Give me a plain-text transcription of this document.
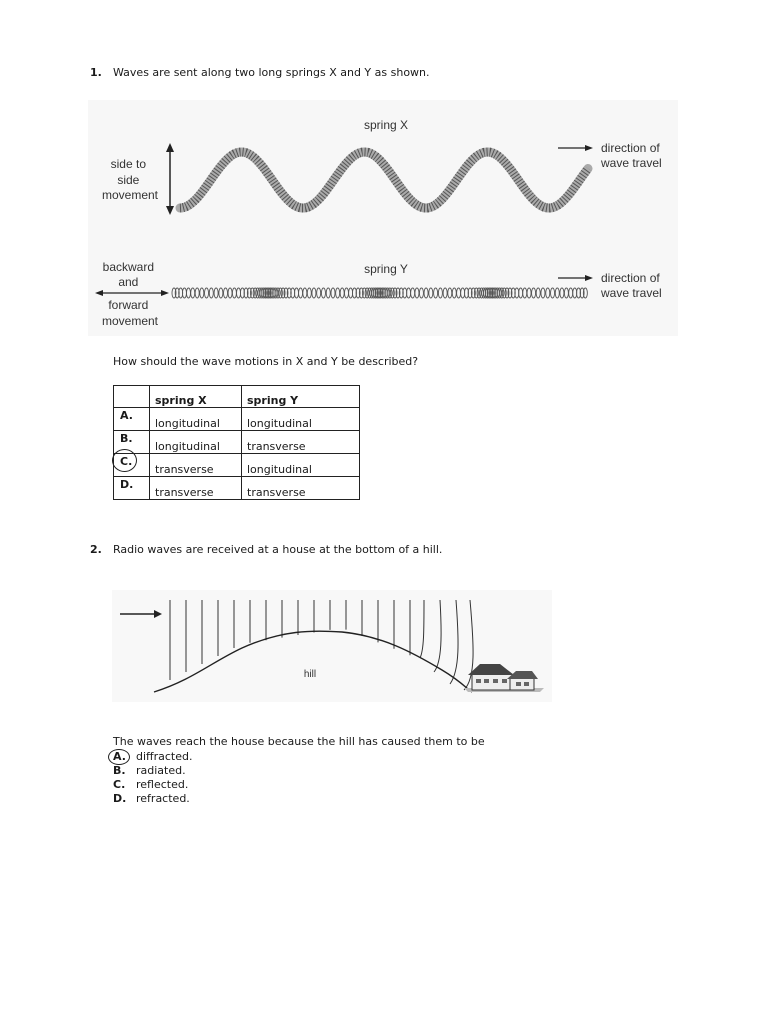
1. Waves are sent along two long springs X and Y as shown.
spring X
side to side movement
direction of wave travel
spring Y
backward and forward movement
direction of wave travel
How should the wave motions in X and Y be described?
	spring X	spring Y
A.	longitudinal	longitudinal
B.	longitudinal	transverse
C.	transverse	longitudinal
D.	transverse	transverse
2. Radio waves are received at a house at the bottom of a hill.
hill
The waves reach the house because the hill has caused them to be
A. diffracted.
B. radiated.
C. reflected.
D. refracted.
